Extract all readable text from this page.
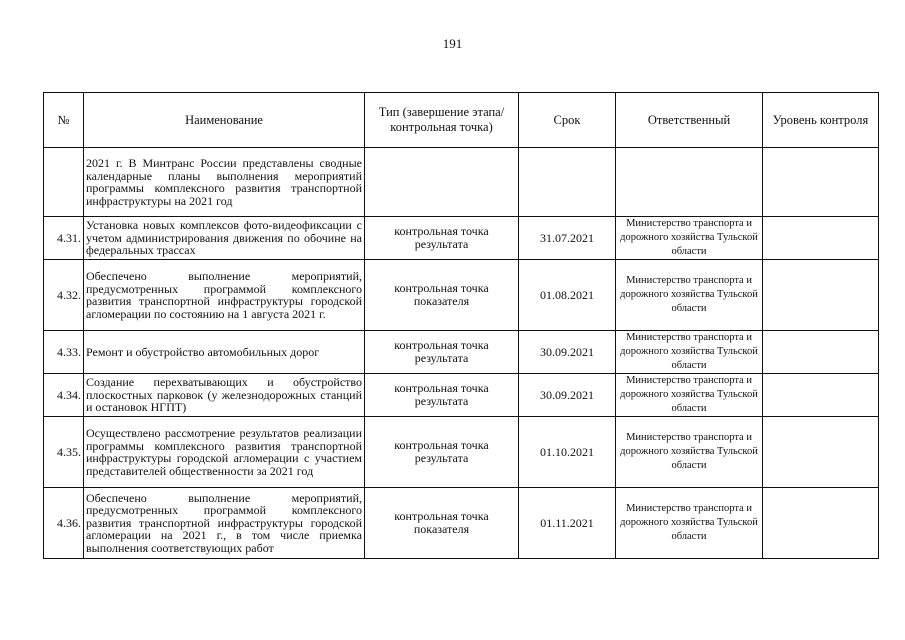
191
№	Наименование	Тип (завершение этапа/контрольная точка)	Срок	Ответственный	Уровень контроля
	2021 г. В Минтранс России представлены сводные календарные планы выполнения мероприятий программы комплексного развития транспортной инфраструктуры на 2021 год				
4.31.	Установка новых комплексов фото-видеофиксации с учетом администрирования движения по обочине на федеральных трассах	контрольная точка результата	31.07.2021	Министерство транспорта и дорожного хозяйства Тульской области	
4.32.	Обеспечено выполнение мероприятий, предусмотренных программой комплексного развития транспортной инфраструктуры городской агломерации по состоянию на 1 августа 2021 г.	контрольная точка показателя	01.08.2021	Министерство транспорта и дорожного хозяйства Тульской области	
4.33.	Ремонт и обустройство автомобильных дорог	контрольная точка результата	30.09.2021	Министерство транспорта и дорожного хозяйства Тульской области	
4.34.	Создание перехватывающих и обустройство плоскостных парковок (у железнодорожных станций и остановок НГПТ)	контрольная точка результата	30.09.2021	Министерство транспорта и дорожного хозяйства Тульской области	
4.35.	Осуществлено рассмотрение результатов реализации программы комплексного развития транспортной инфраструктуры городской агломерации с участием представителей общественности за 2021 год	контрольная точка результата	01.10.2021	Министерство транспорта и дорожного хозяйства Тульской области	
4.36.	Обеспечено выполнение мероприятий, предусмотренных программой комплексного развития транспортной инфраструктуры городской агломерации на 2021 г., в том числе приемка выполнения соответствующих работ	контрольная точка показателя	01.11.2021	Министерство транспорта и дорожного хозяйства Тульской области	
